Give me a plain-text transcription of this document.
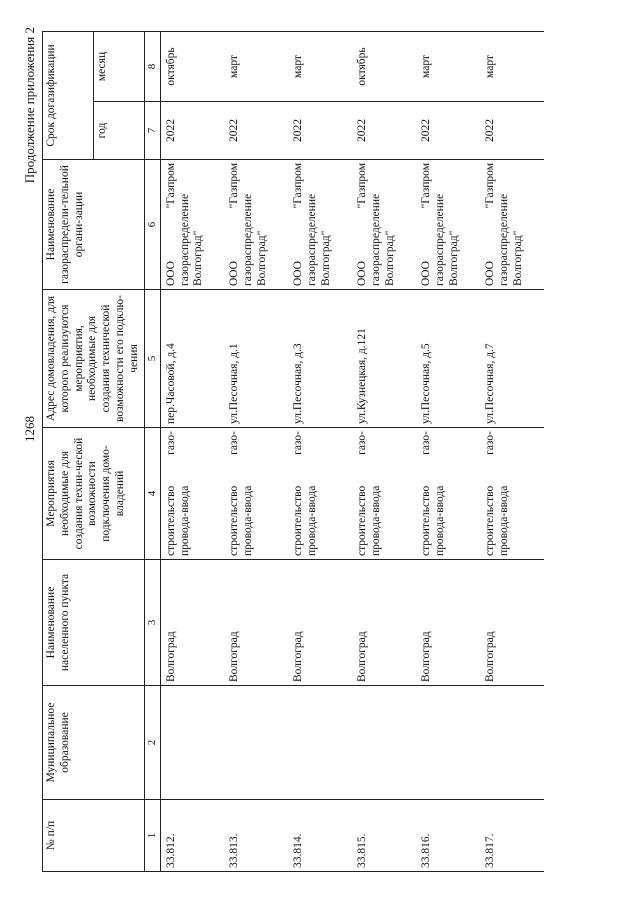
1268
Продолжение приложения 2
№ п/п	Муниципальное образование	Наименование населенного пункта	Мероприятия необходимые для создания техни-ческой возможности подключения домо-владений	Адрес домовладения, для которого реализуются мероприятия, необходимые для создания технической возможности его подклю-чения	Наименование газораспредели-тельной органи-зации	Срок догазификации	
						год	месяц
1	2	3	4	5	6	7	8
33.812.		Волгоград	строительство газо-провода-ввода	пер.Часовой, д.4	ООО "Газпром газораспределение Волгоград"	2022	октябрь
33.813.		Волгоград	строительство газо-провода-ввода	ул.Песочная, д.1	ООО "Газпром газораспределение Волгоград"	2022	март
33.814.		Волгоград	строительство газо-провода-ввода	ул.Песочная, д.3	ООО "Газпром газораспределение Волгоград"	2022	март
33.815.		Волгоград	строительство газо-провода-ввода	ул.Кузнецкая, д.121	ООО "Газпром газораспределение Волгоград"	2022	октябрь
33.816.		Волгоград	строительство газо-провода-ввода	ул.Песочная, д.5	ООО "Газпром газораспределение Волгоград"	2022	март
33.817.		Волгоград	строительство газо-провода-ввода	ул.Песочная, д.7	ООО "Газпром газораспределение Волгоград"	2022	март
